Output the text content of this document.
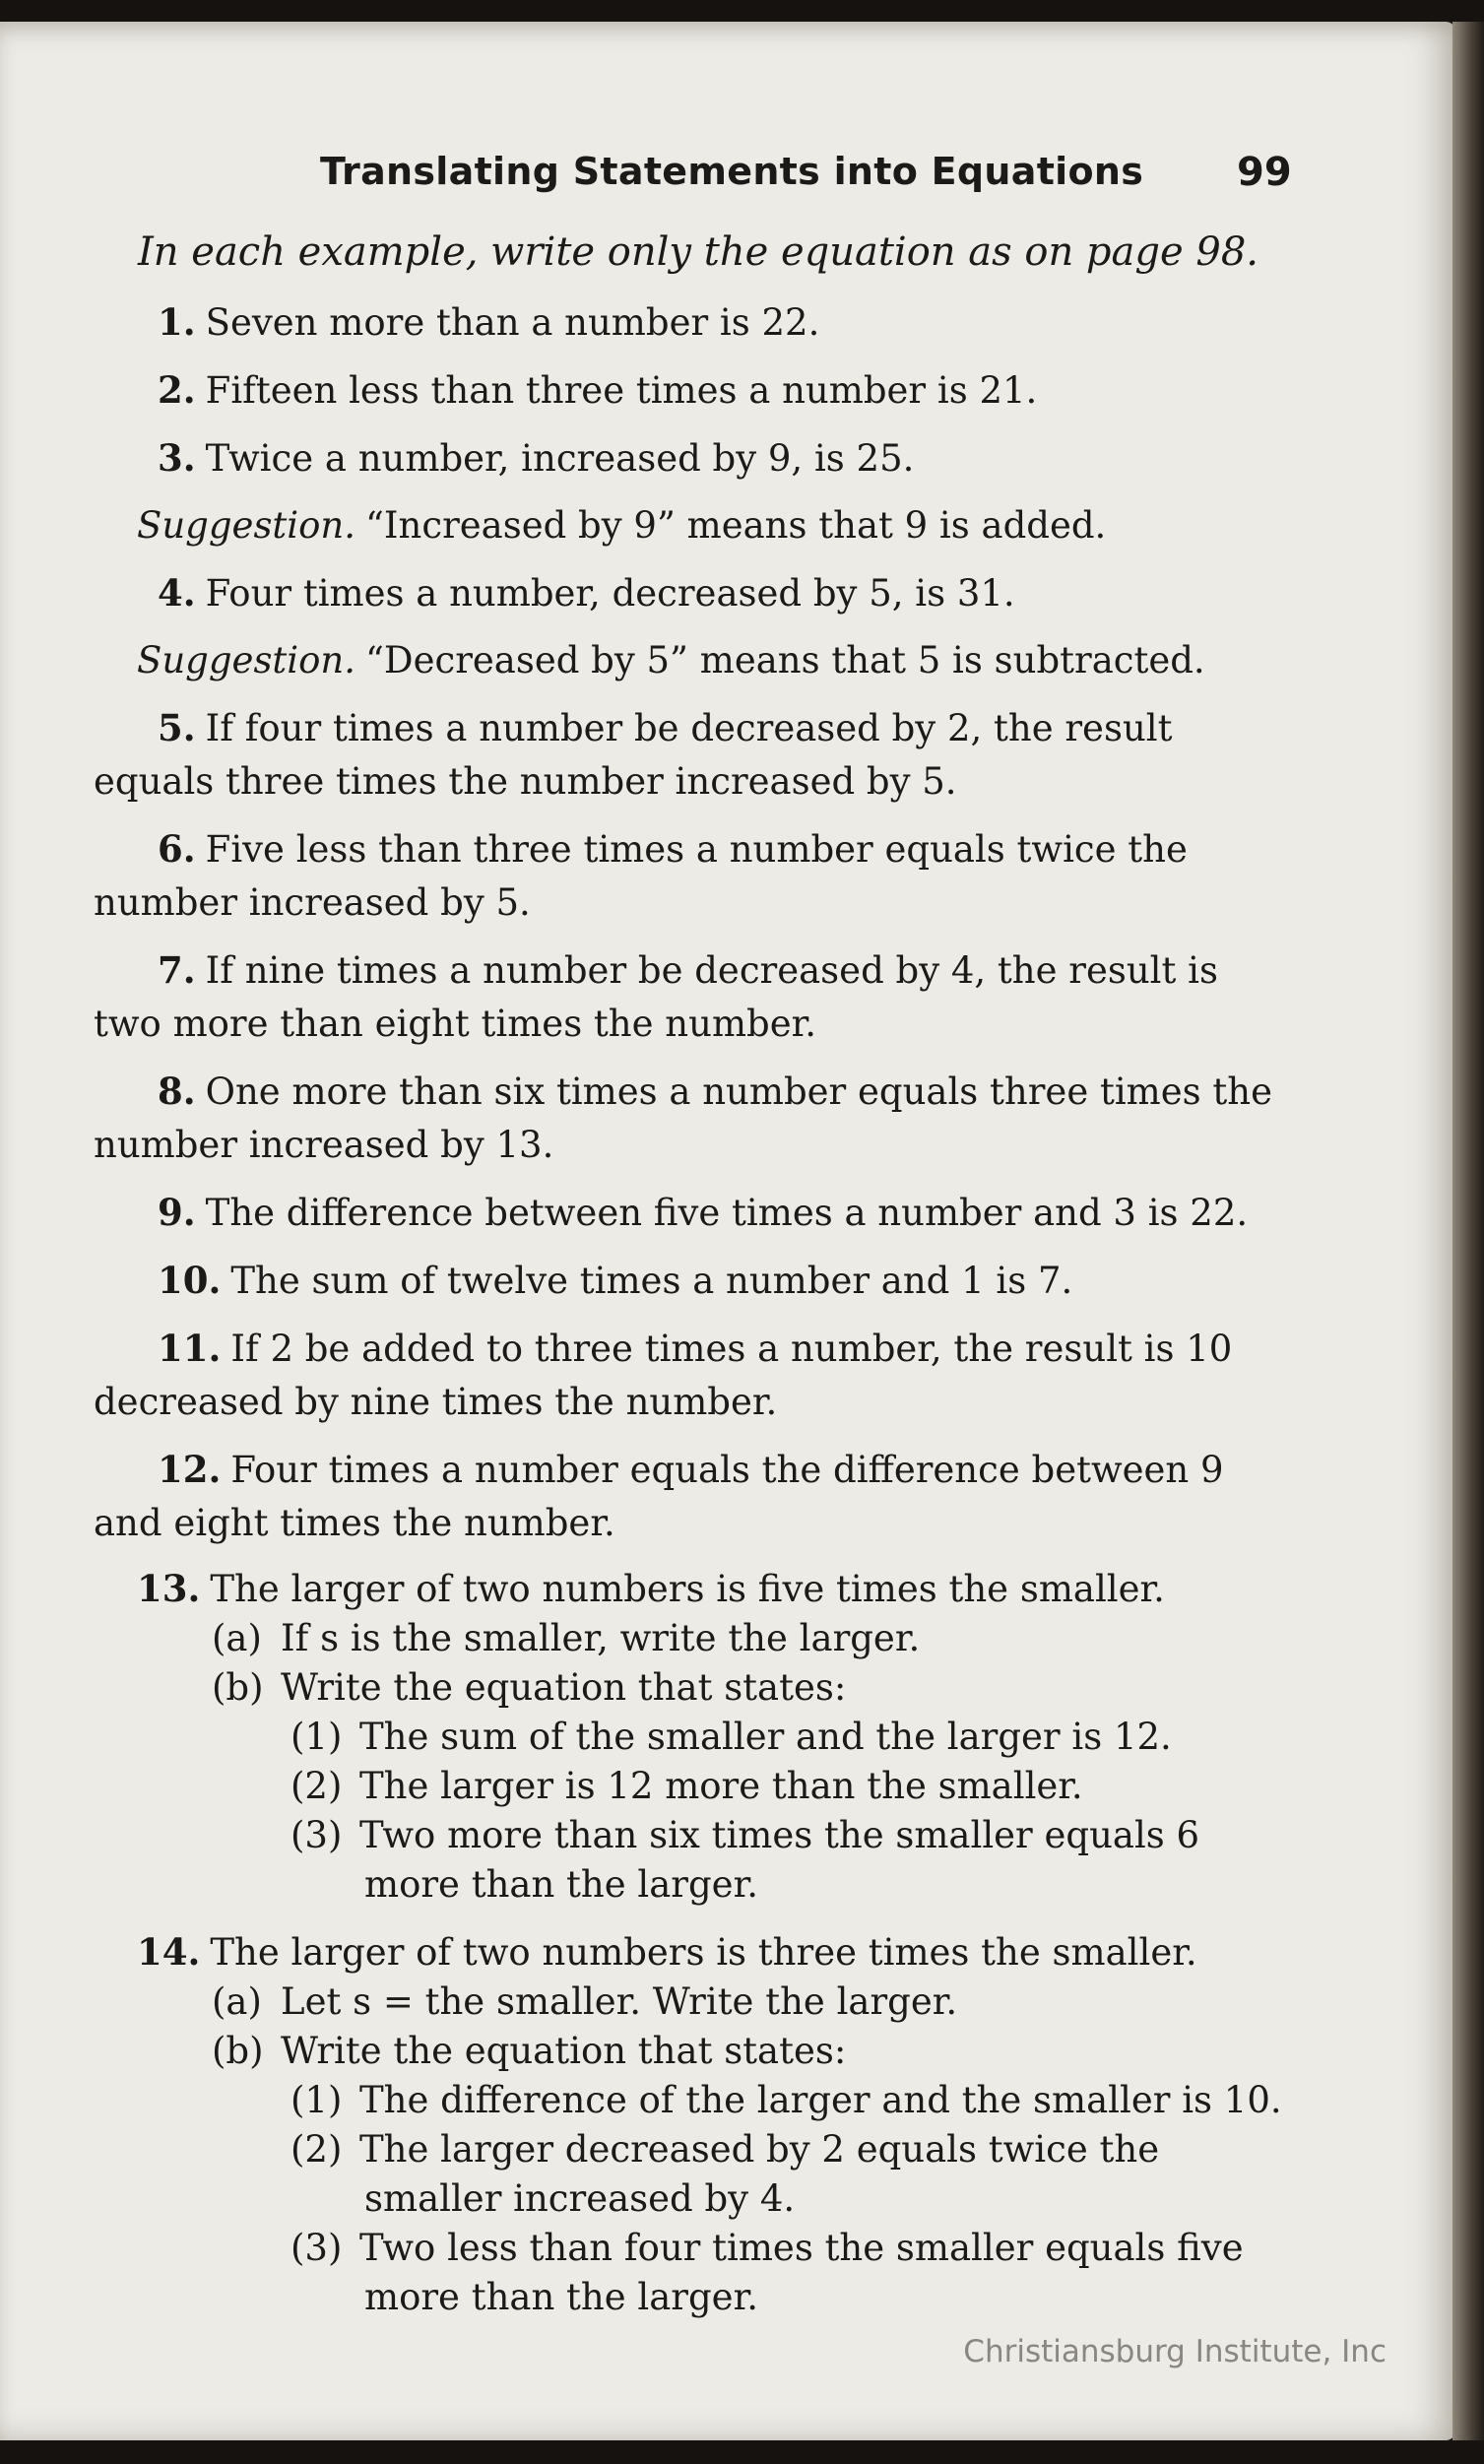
Translating Statements into Equations 99

In each example, write only the equation as on page 98.

1. Seven more than a number is 22.
2. Fifteen less than three times a number is 21.
3. Twice a number, increased by 9, is 25.
Suggestion. “Increased by 9” means that 9 is added.
4. Four times a number, decreased by 5, is 31.
Suggestion. “Decreased by 5” means that 5 is subtracted.
5. If four times a number be decreased by 2, the result equals three times the number increased by 5.
6. Five less than three times a number equals twice the number increased by 5.
7. If nine times a number be decreased by 4, the result is two more than eight times the number.
8. One more than six times a number equals three times the number increased by 13.
9. The difference between five times a number and 3 is 22.
10. The sum of twelve times a number and 1 is 7.
11. If 2 be added to three times a number, the result is 10 decreased by nine times the number.
12. Four times a number equals the difference between 9 and eight times the number.
13. The larger of two numbers is five times the smaller.
(a) If s is the smaller, write the larger.
(b) Write the equation that states:
(1) The sum of the smaller and the larger is 12.
(2) The larger is 12 more than the smaller.
(3) Two more than six times the smaller equals 6 more than the larger.
14. The larger of two numbers is three times the smaller.
(a) Let s = the smaller. Write the larger.
(b) Write the equation that states:
(1) The difference of the larger and the smaller is 10.
(2) The larger decreased by 2 equals twice the smaller increased by 4.
(3) Two less than four times the smaller equals five more than the larger.
Christiansburg Institute, Inc
